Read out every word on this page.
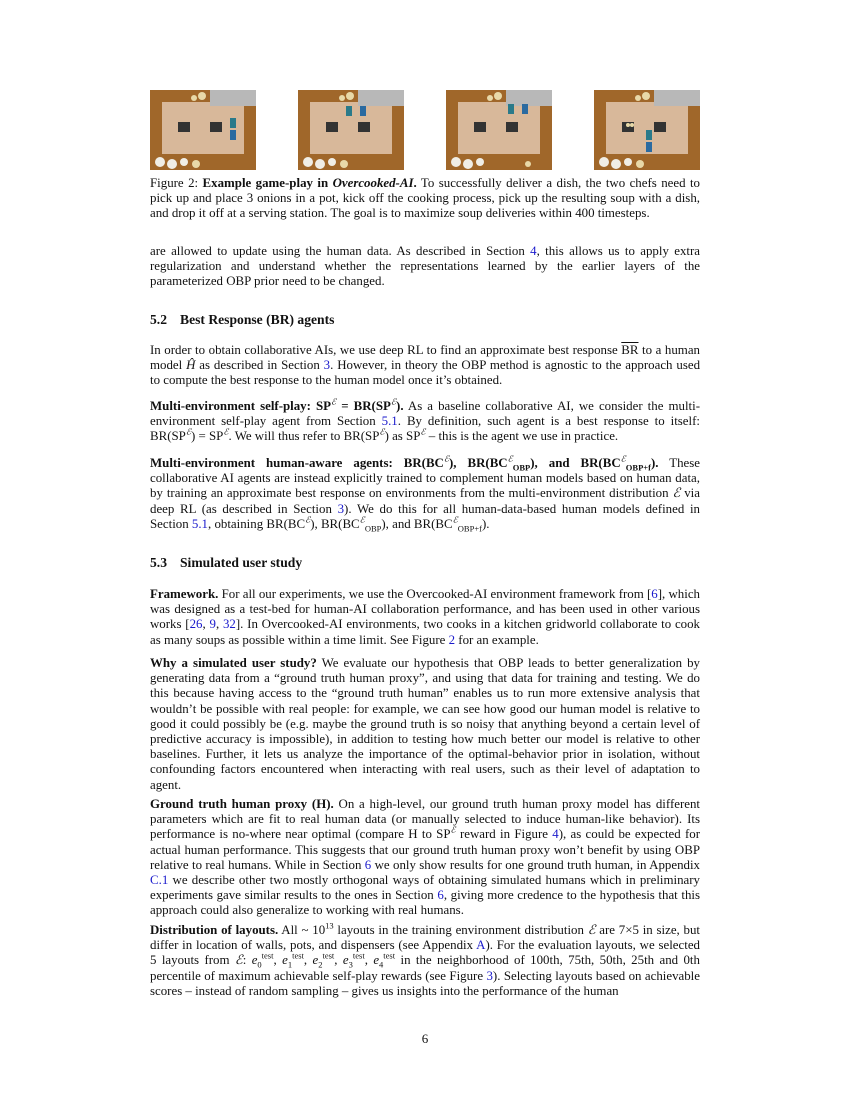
Figure 2: Example game-play in Overcooked-AI. To successfully deliver a dish, the two chefs need to pick up and place 3 onions in a pot, kick off the cooking process, pick up the resulting soup with a dish, and drop it off at a serving station. The goal is to maximize soup deliveries within 400 timesteps.

are allowed to update using the human data. As described in Section 4, this allows us to apply extra regularization and understand whether the representations learned by the earlier layers of the parameterized OBP prior need to be changed.

5.2 Best Response (BR) agents

In order to obtain collaborative AIs, we use deep RL to find an approximate best response $\overline{BR}$ to a human model Ĥ as described in Section 3. However, in theory the OBP method is agnostic to the approach used to compute the best response to the human model once it’s obtained.

Multi-environment self-play: $SP^ℰ = BR(SP^ℰ)$. As a baseline collaborative AI, we consider the multi-environment self-play agent from Section 5.1. By definition, such agent is a best response to itself: $BR(SP^ℰ) = SP^ℰ$. We will thus refer to $BR(SP^ℰ)$ as $SP^ℰ$ – this is the agent we use in practice.

Multi-environment human-aware agents: $BR(BC^ℰ)$, $BR(BC^ℰ_{OBP})$, and $BR(BC^ℰ_{OBP+f})$. These collaborative AI agents are instead explicitly trained to complement human models based on human data, by training an approximate best response on environments from the multi-environment distribution ℰ via deep RL (as described in Section 3). We do this for all human-data-based human models defined in Section 5.1, obtaining $BR(BC^ℰ)$, $BR(BC^ℰ_{OBP})$, and $BR(BC^ℰ_{OBP+f})$.

5.3 Simulated user study

Framework. For all our experiments, we use the Overcooked-AI environment framework from [6], which was designed as a test-bed for human-AI collaboration performance, and has been used in other various works [26, 9, 32]. In Overcooked-AI environments, two cooks in a kitchen gridworld collaborate to cook as many soups as possible within a time limit. See Figure 2 for an example.

Why a simulated user study? We evaluate our hypothesis that OBP leads to better generalization by generating data from a “ground truth human proxy”, and using that data for training and testing. We do this because having access to the “ground truth human” enables us to run more extensive analysis that wouldn’t be possible with real people: for example, we can see how good our human model is relative to good it could possibly be (e.g. maybe the ground truth is so noisy that anything beyond a certain level of predictive accuracy is impossible), in addition to testing how much better our model is relative to other baselines. Further, it lets us analyze the importance of the optimal-behavior prior in isolation, without confounding factors encountered when interacting with real users, such as their level of adaptation to agent.

Ground truth human proxy (H). On a high-level, our ground truth human proxy model has different parameters which are fit to real human data (or manually selected to induce human-like behavior). Its performance is no-where near optimal (compare H to $SP^ℰ$ reward in Figure 4), as could be expected for actual human performance. This suggests that our ground truth human proxy won’t benefit by using OBP relative to real humans. While in Section 6 we only show results for one ground truth human, in Appendix C.1 we describe other two mostly orthogonal ways of obtaining simulated humans which in preliminary experiments gave similar results to the ones in Section 6, giving more credence to the hypothesis that this approach could also generalize to working with real humans.

Distribution of layouts. All ~ $10^{13}$ layouts in the training environment distribution ℰ are 7×5 in size, but differ in location of walls, pots, and dispensers (see Appendix A). For the evaluation layouts, we selected 5 layouts from ℰ: $e_0^{test}$, $e_1^{test}$, $e_2^{test}$, $e_3^{test}$, $e_4^{test}$ in the neighborhood of 100th, 75th, 50th, 25th and 0th percentile of maximum achievable self-play rewards (see Figure 3). Selecting layouts based on achievable scores – instead of random sampling – gives us insights into the performance of the human

6
